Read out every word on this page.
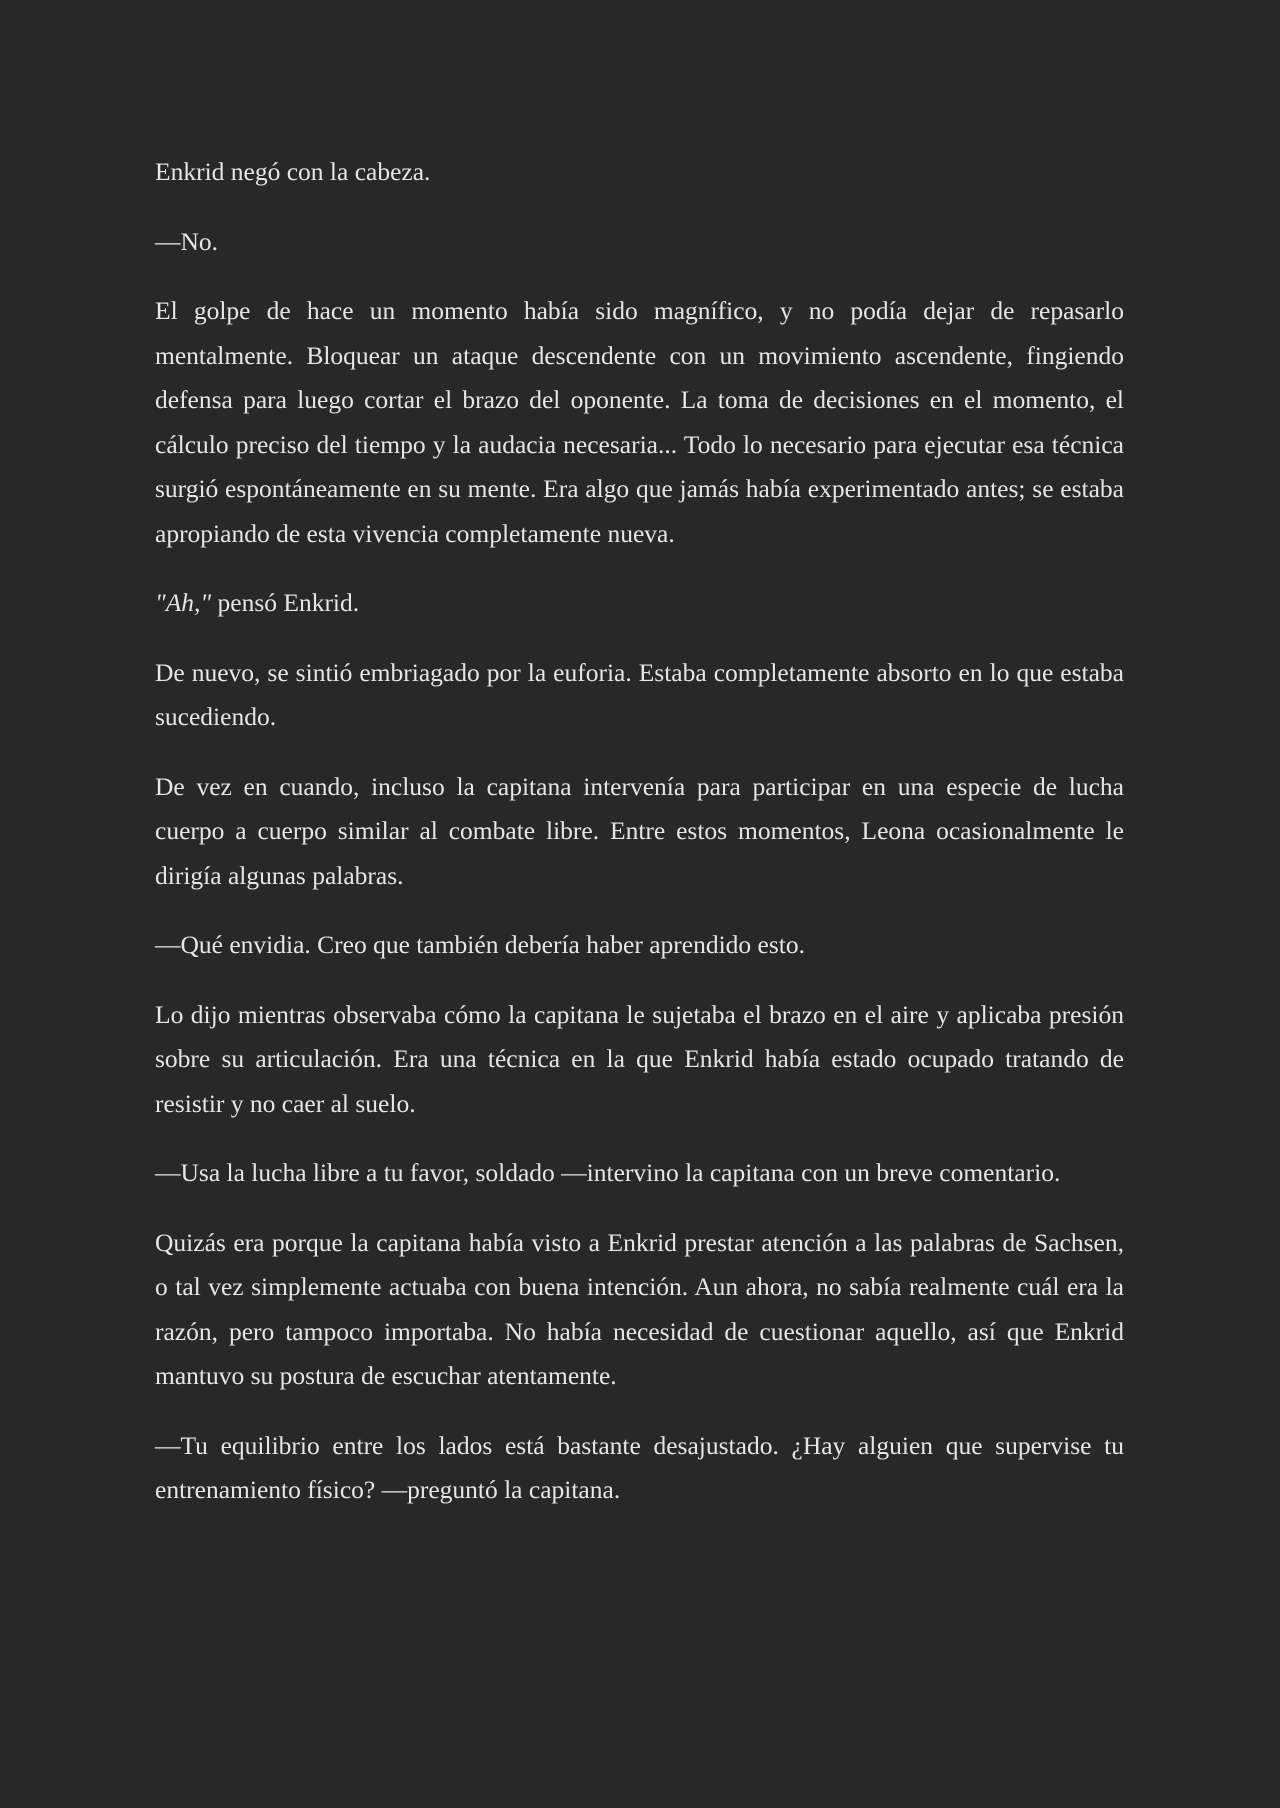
Enkrid negó con la cabeza.

—No.

El golpe de hace un momento había sido magnífico, y no podía dejar de repasarlo mentalmente. Bloquear un ataque descendente con un movimiento ascendente, fingiendo defensa para luego cortar el brazo del oponente. La toma de decisiones en el momento, el cálculo preciso del tiempo y la audacia necesaria... Todo lo necesario para ejecutar esa técnica surgió espontáneamente en su mente. Era algo que jamás había experimentado antes; se estaba apropiando de esta vivencia completamente nueva.

"Ah," pensó Enkrid.

De nuevo, se sintió embriagado por la euforia. Estaba completamente absorto en lo que estaba sucediendo.

De vez en cuando, incluso la capitana intervenía para participar en una especie de lucha cuerpo a cuerpo similar al combate libre. Entre estos momentos, Leona ocasionalmente le dirigía algunas palabras.

—Qué envidia. Creo que también debería haber aprendido esto.

Lo dijo mientras observaba cómo la capitana le sujetaba el brazo en el aire y aplicaba presión sobre su articulación. Era una técnica en la que Enkrid había estado ocupado tratando de resistir y no caer al suelo.

—Usa la lucha libre a tu favor, soldado —intervino la capitana con un breve comentario.

Quizás era porque la capitana había visto a Enkrid prestar atención a las palabras de Sachsen, o tal vez simplemente actuaba con buena intención. Aun ahora, no sabía realmente cuál era la razón, pero tampoco importaba. No había necesidad de cuestionar aquello, así que Enkrid mantuvo su postura de escuchar atentamente.

—Tu equilibrio entre los lados está bastante desajustado. ¿Hay alguien que supervise tu entrenamiento físico? —preguntó la capitana.
